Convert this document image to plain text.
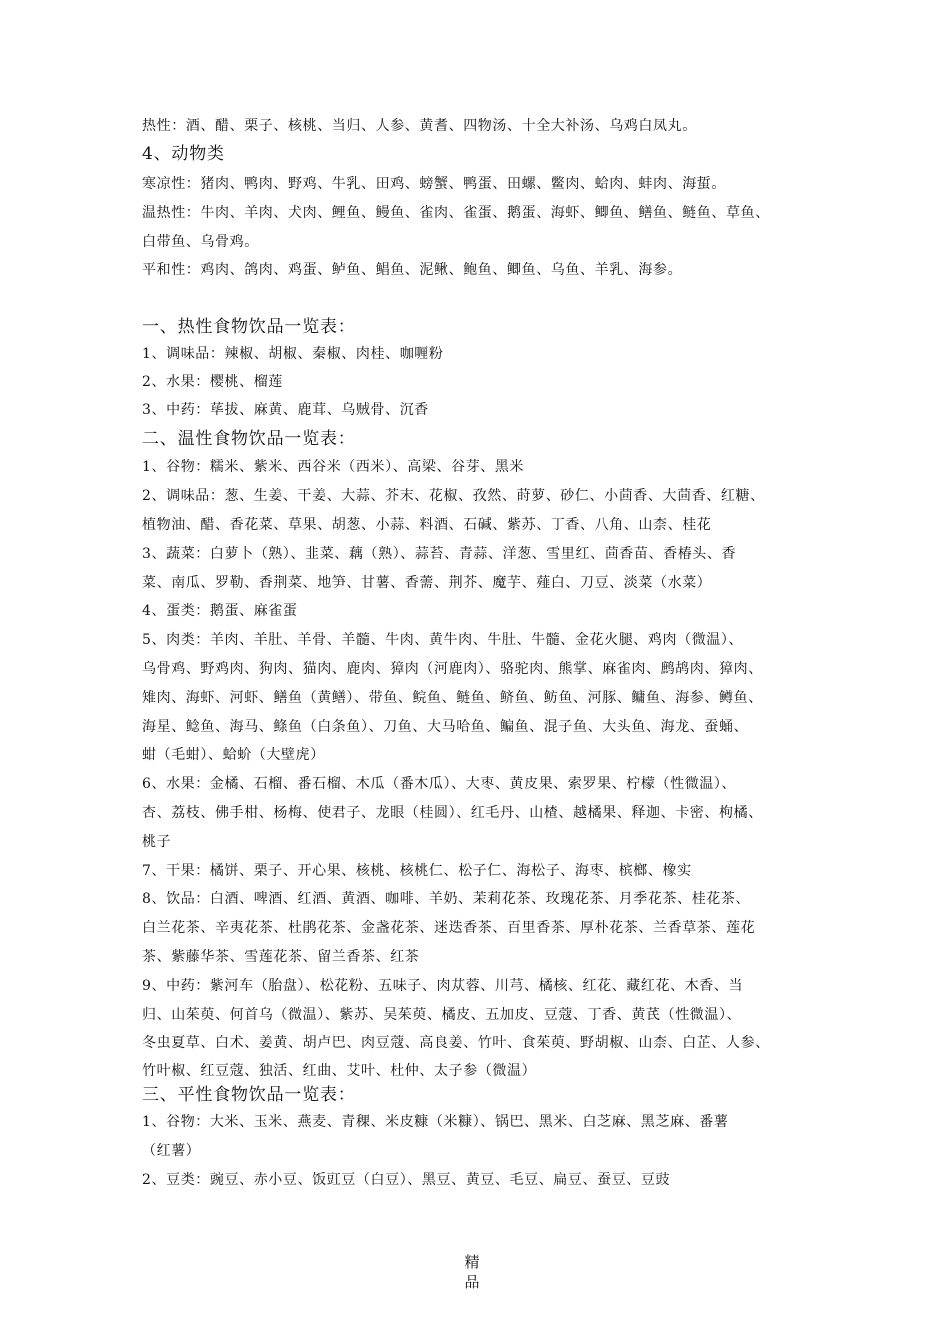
热性：酒、醋、栗子、核桃、当归、人参、黄耆、四物汤、十全大补汤、乌鸡白凤丸。
4、动物类
寒凉性：猪肉、鸭肉、野鸡、牛乳、田鸡、螃蟹、鸭蛋、田螺、鳖肉、蛤肉、蚌肉、海蜇。
温热性：牛肉、羊肉、犬肉、鲤鱼、鳗鱼、雀肉、雀蛋、鹅蛋、海虾、鲫鱼、鳝鱼、鲢鱼、草鱼、
白带鱼、乌骨鸡。
平和性：鸡肉、鸽肉、鸡蛋、鲈鱼、鲳鱼、泥鳅、鲍鱼、鲫鱼、乌鱼、羊乳、海参。
一、热性食物饮品一览表：
1、调味品：辣椒、胡椒、秦椒、肉桂、咖喱粉
2、水果：樱桃、榴莲
3、中药：荜拔、麻黄、鹿茸、乌贼骨、沉香
二、温性食物饮品一览表：
1、谷物：糯米、紫米、西谷米（西米）、高梁、谷芽、黑米
2、调味品：葱、生姜、干姜、大蒜、芥末、花椒、孜然、莳萝、砂仁、小茴香、大茴香、红糖、
植物油、醋、香花菜、草果、胡葱、小蒜、料酒、石碱、紫苏、丁香、八角、山柰、桂花
3、蔬菜：白萝卜（熟）、韭菜、藕（熟）、蒜苔、青蒜、洋葱、雪里红、茴香苗、香椿头、香
菜、南瓜、罗勒、香荆菜、地笋、甘薯、香薷、荆芥、魔芋、薤白、刀豆、淡菜（水菜）
4、蛋类：鹅蛋、麻雀蛋
5、肉类：羊肉、羊肚、羊骨、羊髓、牛肉、黄牛肉、牛肚、牛髓、金花火腿、鸡肉（微温）、
乌骨鸡、野鸡肉、狗肉、猫肉、鹿肉、獐肉（河鹿肉）、骆驼肉、熊掌、麻雀肉、鹧鸪肉、獐肉、
雉肉、海虾、河虾、鳝鱼（黄鳝）、带鱼、鲩鱼、鲢鱼、鲚鱼、鲂鱼、河豚、鳙鱼、海参、鳟鱼、
海星、鲶鱼、海马、鲦鱼（白条鱼）、刀鱼、大马哈鱼、鳊鱼、混子鱼、大头鱼、海龙、蚕蛹、
蚶（毛蚶）、蛤蚧（大壁虎）
6、水果：金橘、石榴、番石榴、木瓜（番木瓜）、大枣、黄皮果、索罗果、柠檬（性微温）、
杏、荔枝、佛手柑、杨梅、使君子、龙眼（桂圆）、红毛丹、山楂、越橘果、释迦、卡密、枸橘、
桃子
7、干果：橘饼、栗子、开心果、核桃、核桃仁、松子仁、海松子、海枣、槟榔、橡实
8、饮品：白酒、啤酒、红酒、黄酒、咖啡、羊奶、茉莉花茶、玫瑰花茶、月季花茶、桂花茶、
白兰花茶、辛夷花茶、杜鹃花茶、金盏花茶、迷迭香茶、百里香茶、厚朴花茶、兰香草茶、莲花
茶、紫藤华茶、雪莲花茶、留兰香茶、红茶
9、中药：紫河车（胎盘）、松花粉、五味子、肉苁蓉、川芎、橘核、红花、藏红花、木香、当
归、山茱萸、何首乌（微温）、紫苏、吴茱萸、橘皮、五加皮、豆蔻、丁香、黄芪（性微温）、
冬虫夏草、白术、姜黄、胡卢巴、肉豆蔻、高良姜、竹叶、食茱萸、野胡椒、山柰、白芷、人参、
竹叶椒、红豆蔻、独活、红曲、艾叶、杜仲、太子参（微温）
三、平性食物饮品一览表：
1、谷物：大米、玉米、燕麦、青稞、米皮糠（米糠）、锅巴、黑米、白芝麻、黑芝麻、番薯
（红薯）
2、豆类：豌豆、赤小豆、饭豇豆（白豆）、黑豆、黄豆、毛豆、扁豆、蚕豆、豆豉
精
品
